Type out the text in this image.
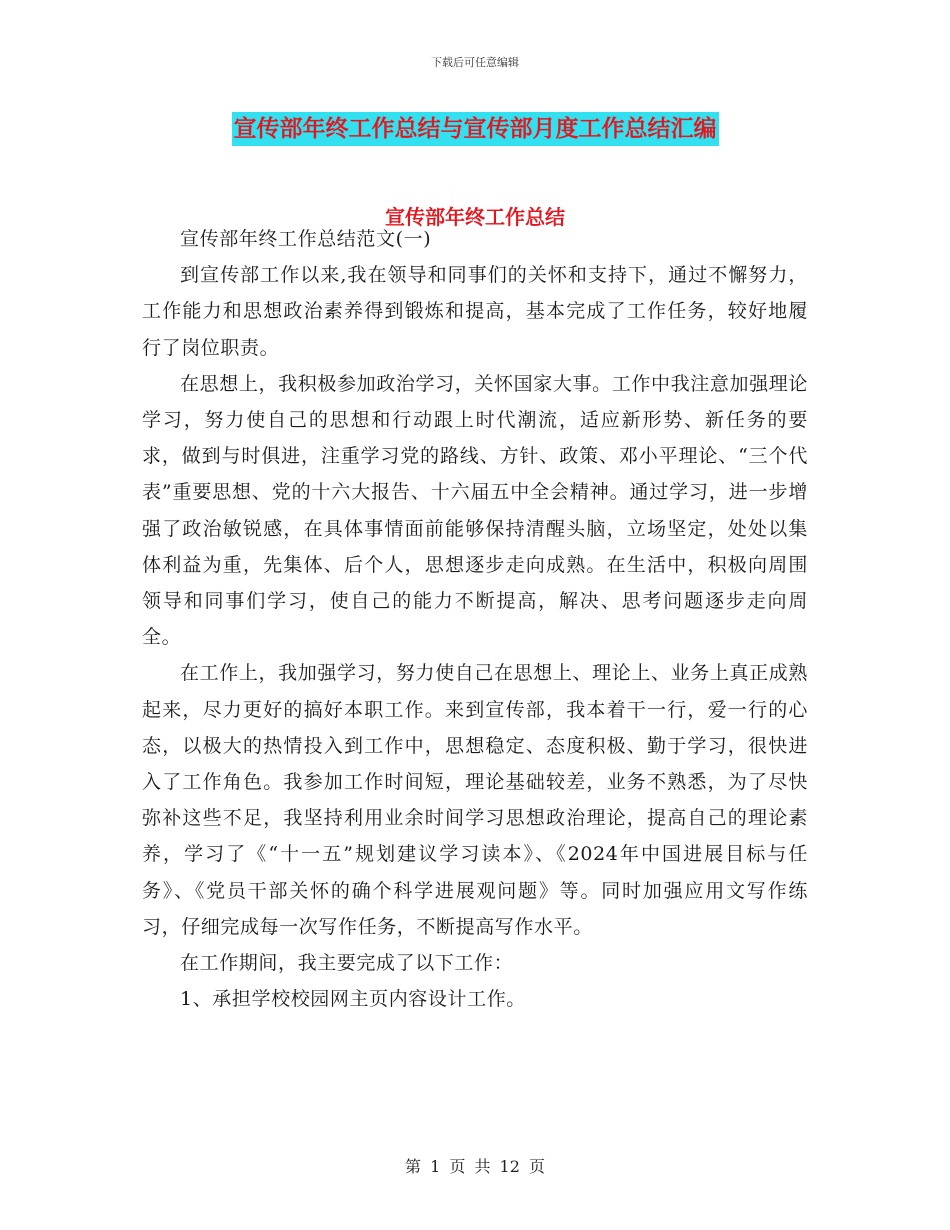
下载后可任意编辑
宣传部年终工作总结与宣传部月度工作总结汇编
宣传部年终工作总结

宣传部年终工作总结范文(一)

到宣传部工作以来,我在领导和同事们的关怀和支持下，通过不懈努力，工作能力和思想政治素养得到锻炼和提高，基本完成了工作任务，较好地履行了岗位职责。

在思想上，我积极参加政治学习，关怀国家大事。工作中我注意加强理论学习，努力使自己的思想和行动跟上时代潮流，适应新形势、新任务的要求，做到与时俱进，注重学习党的路线、方针、政策、邓小平理论、“三个代表”重要思想、党的十六大报告、十六届五中全会精神。通过学习，进一步增强了政治敏锐感，在具体事情面前能够保持清醒头脑，立场坚定，处处以集体利益为重，先集体、后个人，思想逐步走向成熟。在生活中，积极向周围领导和同事们学习，使自己的能力不断提高，解决、思考问题逐步走向周全。

在工作上，我加强学习，努力使自己在思想上、理论上、业务上真正成熟起来，尽力更好的搞好本职工作。来到宣传部，我本着干一行，爱一行的心态，以极大的热情投入到工作中，思想稳定、态度积极、勤于学习，很快进入了工作角色。我参加工作时间短，理论基础较差，业务不熟悉，为了尽快弥补这些不足，我坚持利用业余时间学习思想政治理论，提高自己的理论素养，学习了《“十一五”规划建议学习读本》、《2024年中国进展目标与任务》、《党员干部关怀的确个科学进展观问题》等。同时加强应用文写作练习，仔细完成每一次写作任务，不断提高写作水平。

在工作期间，我主要完成了以下工作：

1、承担学校校园网主页内容设计工作。

第 1 页 共 12 页
